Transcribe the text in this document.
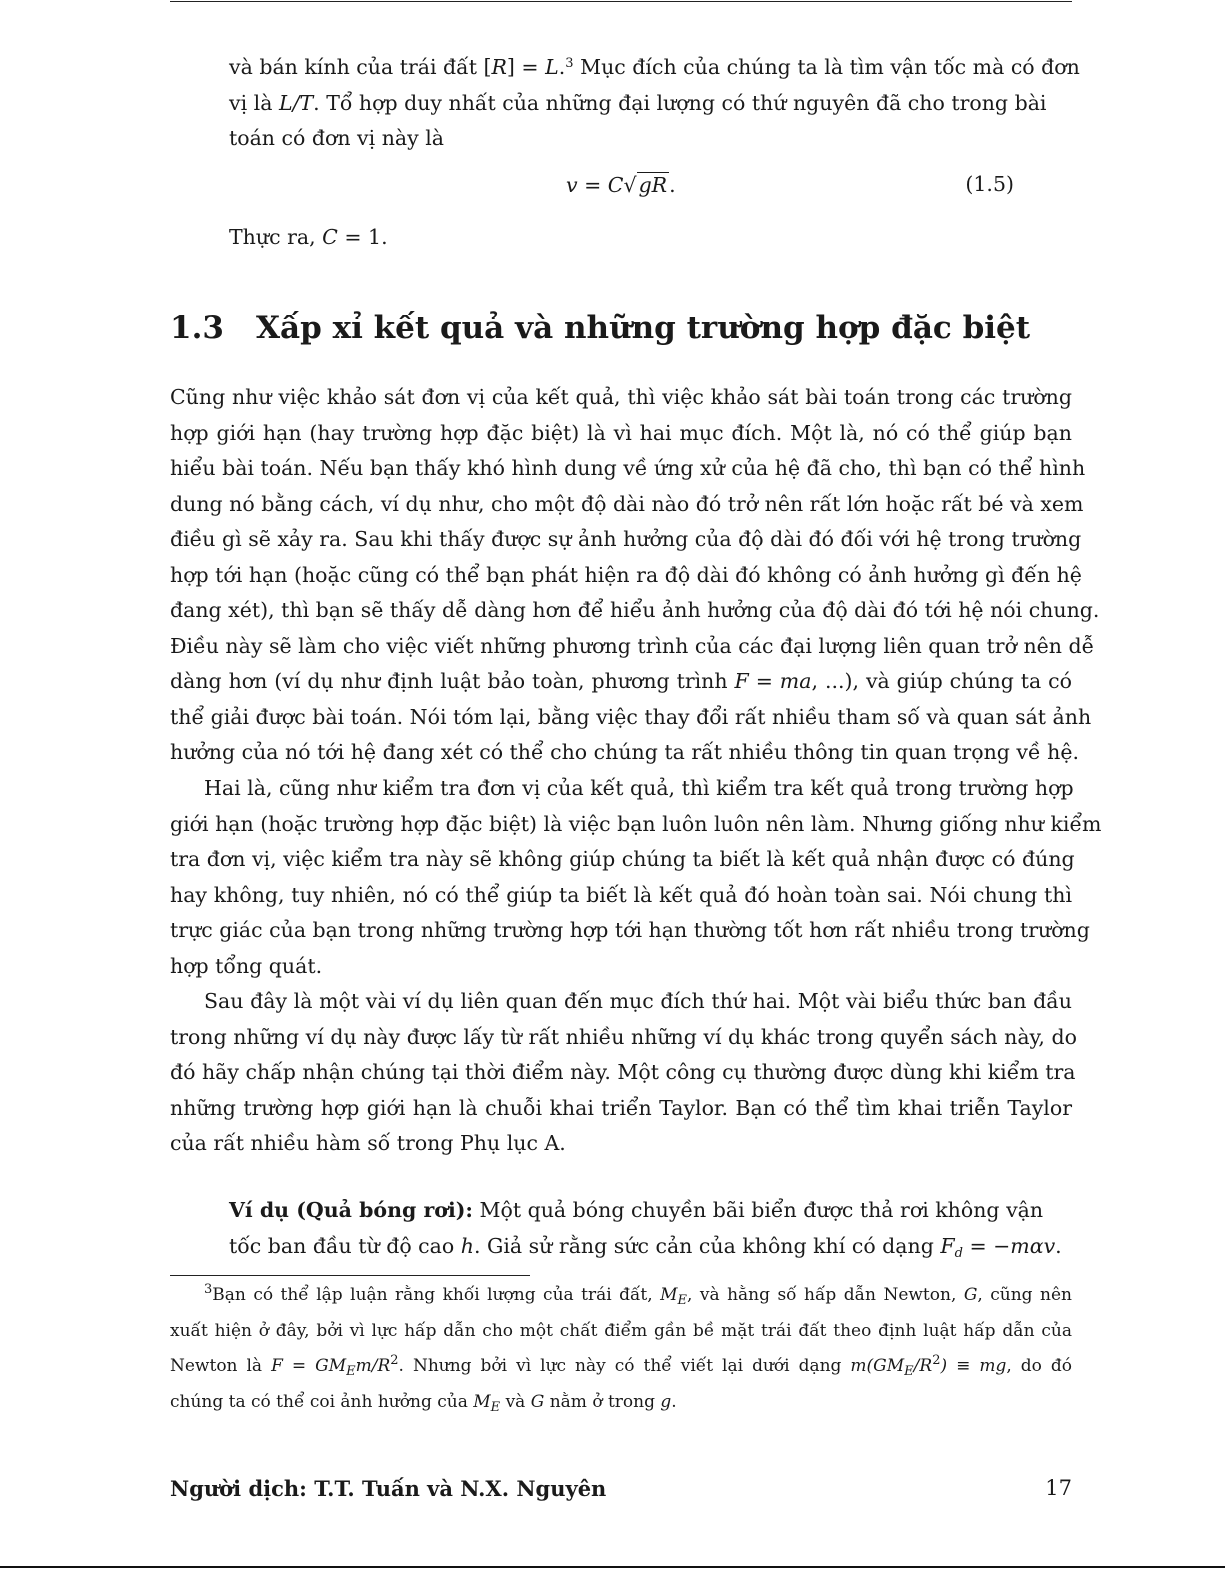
và bán kính của trái đất [R] = L.$^3$ Mục đích của chúng ta là tìm vận tốc mà có đơn
vị là L/T. Tổ hợp duy nhất của những đại lượng có thứ nguyên đã cho trong bài
toán có đơn vị này là
v = C√gR.	(1.5)
Thực ra, C = 1.
1.3 Xấp xỉ kết quả và những trường hợp đặc biệt
Cũng như việc khảo sát đơn vị của kết quả, thì việc khảo sát bài toán trong các trường
hợp giới hạn (hay trường hợp đặc biệt) là vì hai mục đích. Một là, nó có thể giúp bạn
hiểu bài toán. Nếu bạn thấy khó hình dung về ứng xử của hệ đã cho, thì bạn có thể hình
dung nó bằng cách, ví dụ như, cho một độ dài nào đó trở nên rất lớn hoặc rất bé và xem
điều gì sẽ xảy ra. Sau khi thấy được sự ảnh hưởng của độ dài đó đối với hệ trong trường
hợp tới hạn (hoặc cũng có thể bạn phát hiện ra độ dài đó không có ảnh hưởng gì đến hệ
đang xét), thì bạn sẽ thấy dễ dàng hơn để hiểu ảnh hưởng của độ dài đó tới hệ nói chung.
Điều này sẽ làm cho việc viết những phương trình của các đại lượng liên quan trở nên dễ
dàng hơn (ví dụ như định luật bảo toàn, phương trình F = ma, ...), và giúp chúng ta có
thể giải được bài toán. Nói tóm lại, bằng việc thay đổi rất nhiều tham số và quan sát ảnh
hưởng của nó tới hệ đang xét có thể cho chúng ta rất nhiều thông tin quan trọng về hệ.
Hai là, cũng như kiểm tra đơn vị của kết quả, thì kiểm tra kết quả trong trường hợp
giới hạn (hoặc trường hợp đặc biệt) là việc bạn luôn luôn nên làm. Nhưng giống như kiểm
tra đơn vị, việc kiểm tra này sẽ không giúp chúng ta biết là kết quả nhận được có đúng
hay không, tuy nhiên, nó có thể giúp ta biết là kết quả đó hoàn toàn sai. Nói chung thì
trực giác của bạn trong những trường hợp tới hạn thường tốt hơn rất nhiều trong trường
hợp tổng quát.
Sau đây là một vài ví dụ liên quan đến mục đích thứ hai. Một vài biểu thức ban đầu
trong những ví dụ này được lấy từ rất nhiều những ví dụ khác trong quyển sách này, do
đó hãy chấp nhận chúng tại thời điểm này. Một công cụ thường được dùng khi kiểm tra
những trường hợp giới hạn là chuỗi khai triển Taylor. Bạn có thể tìm khai triễn Taylor
của rất nhiều hàm số trong Phụ lục A.
Ví dụ (Quả bóng rơi): Một quả bóng chuyền bãi biển được thả rơi không vận
tốc ban đầu từ độ cao h. Giả sử rằng sức cản của không khí có dạng $F_d = -m\alpha v$.
$^3$Bạn có thể lập luận rằng khối lượng của trái đất, $M_E$, và hằng số hấp dẫn Newton, G, cũng nên
xuất hiện ở đây, bởi vì lực hấp dẫn cho một chất điểm gần bề mặt trái đất theo định luật hấp dẫn của
Newton là $F = GM_Em/R^2$. Nhưng bởi vì lực này có thể viết lại dưới dạng $m(GM_E/R^2)$ ≡ mg, do đó
chúng ta có thể coi ảnh hưởng của $M_E$ và G nằm ở trong g.
Người dịch: T.T. Tuấn và N.X. Nguyên	17
